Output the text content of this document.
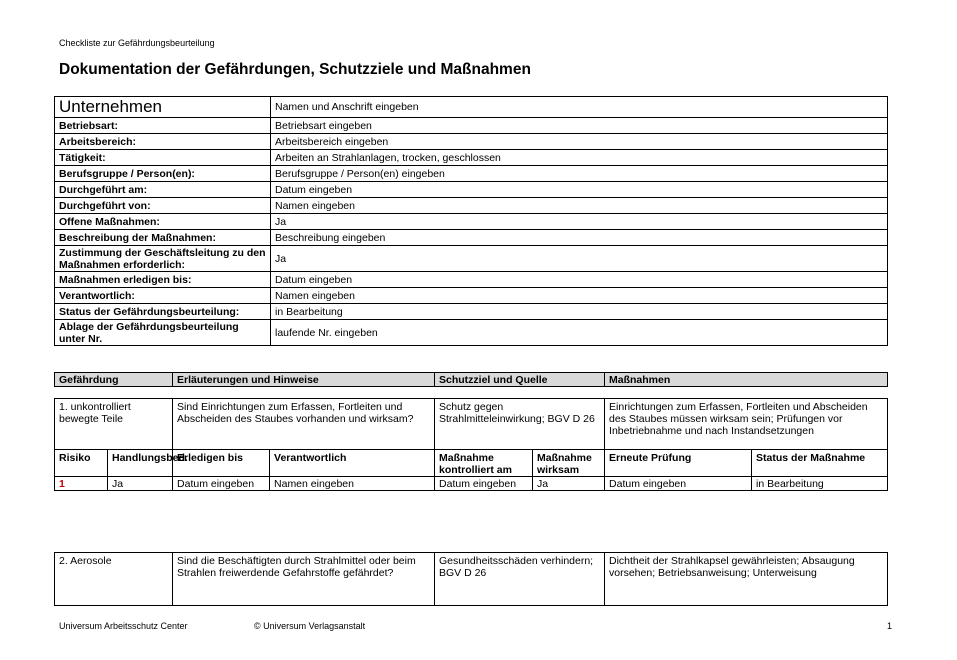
Checkliste zur Gefährdungsbeurteilung
Dokumentation der Gefährdungen, Schutzziele und Maßnahmen
Unternehmen	Namen und Anschrift eingeben
Betriebsart:	Betriebsart eingeben
Arbeitsbereich:	Arbeitsbereich eingeben
Tätigkeit:	Arbeiten an Strahlanlagen, trocken, geschlossen
Berufsgruppe / Person(en):	Berufsgruppe / Person(en) eingeben
Durchgeführt am:	Datum eingeben
Durchgeführt von:	Namen eingeben
Offene Maßnahmen:	Ja
Beschreibung der Maßnahmen:	Beschreibung eingeben
Zustimmung der Geschäftsleitung zu den Maßnahmen erforderlich:	Ja
Maßnahmen erledigen bis:	Datum eingeben
Verantwortlich:	Namen eingeben
Status der Gefährdungsbeurteilung:	in Bearbeitung
Ablage der Gefährdungsbeurteilung unter Nr.	laufende Nr. eingeben
Gefährdung	Erläuterungen und Hinweise	Schutzziel und Quelle	Maßnahmen
1. unkontrolliert bewegte Teile		Sind Einrichtungen zum Erfassen, Fortleiten und Abscheiden des Staubes vorhanden und wirksam?		Schutz gegen Strahlmitteleinwirkung; BGV D 26		Einrichtungen zum Erfassen, Fortleiten und Abscheiden des Staubes müssen wirksam sein; Prüfungen vor Inbetriebnahme und nach Instandsetzungen	
Risiko	Handlungsbed.	Erledigen bis	Verantwortlich	Maßnahme kontrolliert am	Maßnahme wirksam	Erneute Prüfung	Status der Maßnahme
1	Ja	Datum eingeben	Namen eingeben	Datum eingeben	Ja	Datum eingeben	in Bearbeitung
2. Aerosole	Sind die Beschäftigten durch Strahlmittel oder beim Strahlen freiwerdende Gefahrstoffe gefährdet?	Gesundheitsschäden verhindern; BGV D 26	Dichtheit der Strahlkapsel gewährleisten; Absaugung vorsehen; Betriebsanweisung; Unterweisung
Universum Arbeitsschutz Center	© Universum Verlagsanstalt	1
